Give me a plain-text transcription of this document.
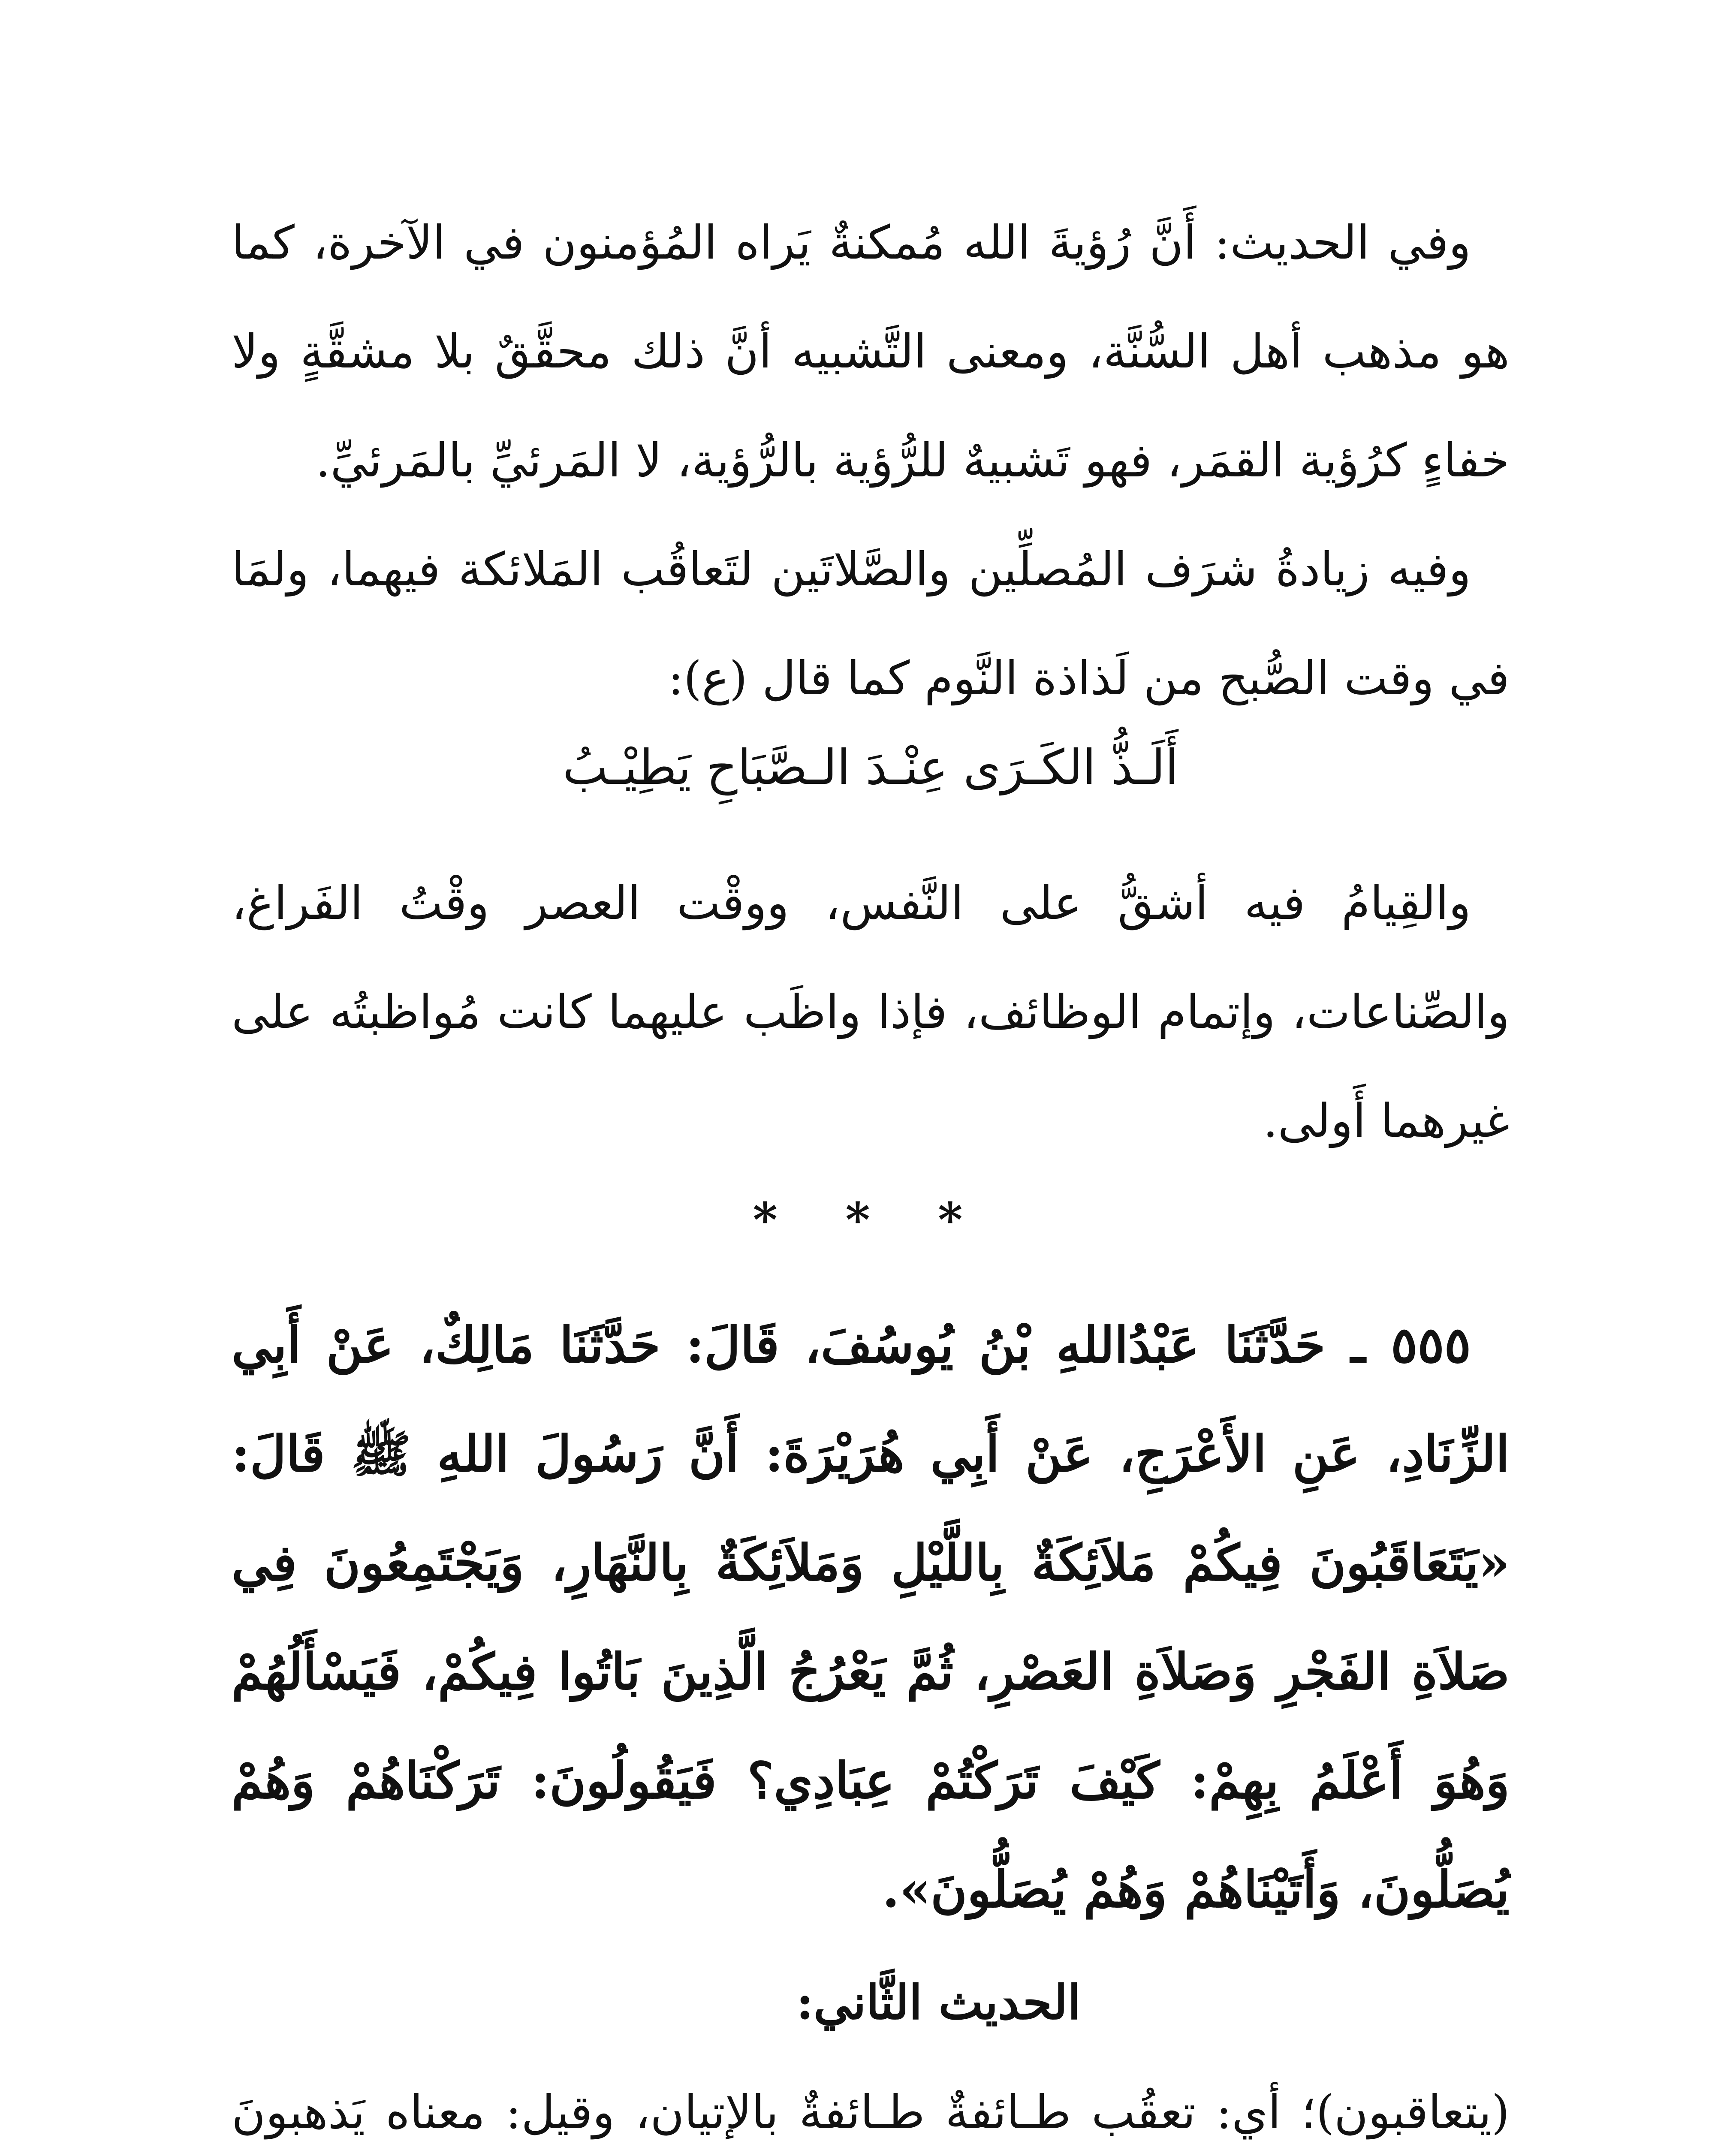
وفي الحديث: أَنَّ رُؤيةَ الله مُمكنةٌ يَراه المُؤمنون في الآخرة، كما هو مذهب أهل السُّنَّة، ومعنى التَّشبيه أنَّ ذلك محقَّقٌ بلا مشقَّةٍ ولا خفاءٍ كرُؤية القمَر، فهو تَشبيهٌ للرُّؤية بالرُّؤية، لا المَرئيِّ بالمَرئيِّ.

وفيه زيادةُ شرَف المُصلِّين والصَّلاتَين لتَعاقُب المَلائكة فيهما، ولمَا في وقت الصُّبح من لَذاذة النَّوم كما قال (ع):

أَلَـذُّ الكَـرَى عِنْـدَ الـصَّبَاحِ يَطِيْـبُ

والقِيامُ فيه أشقُّ على النَّفس، ووقْت العصر وقْتُ الفَراغ، والصِّناعات، وإتمام الوظائف، فإذا واظَب عليهما كانت مُواظبتُه على غيرهما أَولى.

* * *

٥٥٥ ـ حَدَّثَنَا عَبْدُاللهِ بْنُ يُوسُفَ، قَالَ: حَدَّثَنَا مَالِكٌ، عَنْ أَبِي الزِّنَادِ، عَنِ الأَعْرَجِ، عَنْ أَبِي هُرَيْرَةَ: أَنَّ رَسُولَ اللهِ ﷺ قَالَ: «يَتَعَاقَبُونَ فِيكُمْ مَلاَئِكَةٌ بِاللَّيْلِ وَمَلاَئِكَةٌ بِالنَّهَارِ، وَيَجْتَمِعُونَ فِي صَلاَةِ الفَجْرِ وَصَلاَةِ العَصْرِ، ثُمَّ يَعْرُجُ الَّذِينَ بَاتُوا فِيكُمْ، فَيَسْأَلُهُمْ وَهُوَ أَعْلَمُ بِهِمْ: كَيْفَ تَرَكْتُمْ عِبَادِي؟ فَيَقُولُونَ: تَرَكْنَاهُمْ وَهُمْ يُصَلُّونَ، وَأَتَيْنَاهُمْ وَهُمْ يُصَلُّونَ».

الحديث الثَّاني:

(يتعاقبون)؛ أي: تعقُب طـائفةٌ طـائفةٌ بالإتيان، وقيل: معناه يَذهبونَ
